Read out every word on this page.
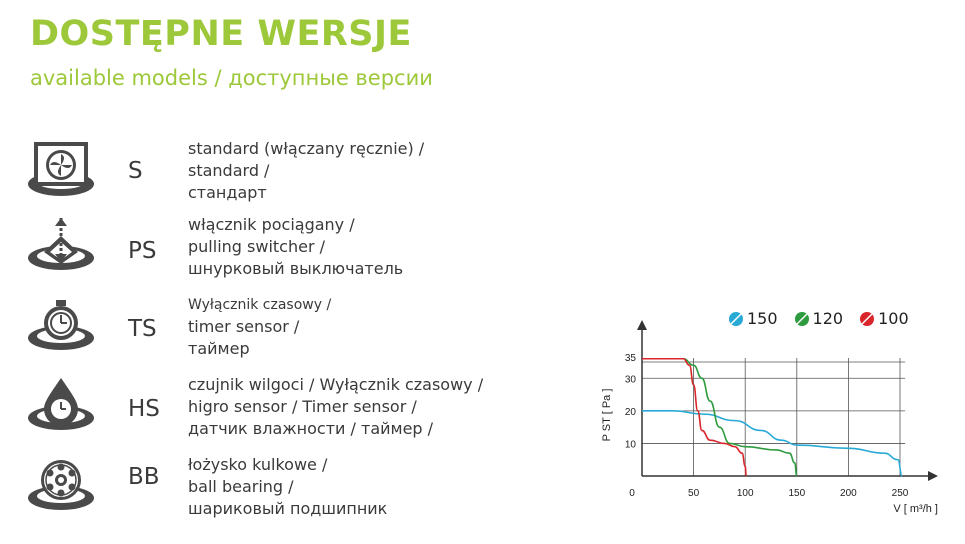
DOSTĘPNE WERSJE
available models / доступные версии
S
standard (włączany ręcznie) /
standard /
стандарт
PS
włącznik pociągany /
pulling switcher /
шнурковый выключатель
TS
Wyłącznik czasowy /
timer sensor /
таймер
HS
czujnik wilgoci / Wyłącznik czasowy /
higro sensor / Timer sensor /
датчик влажности / таймер /
BB łożysko kulkowe /
ball bearing /
шариковый подшипник
150 120 100
0	50	100	150	200	250
10
20
30
35
V [ m³/h ]
P ST [ Pa ]
